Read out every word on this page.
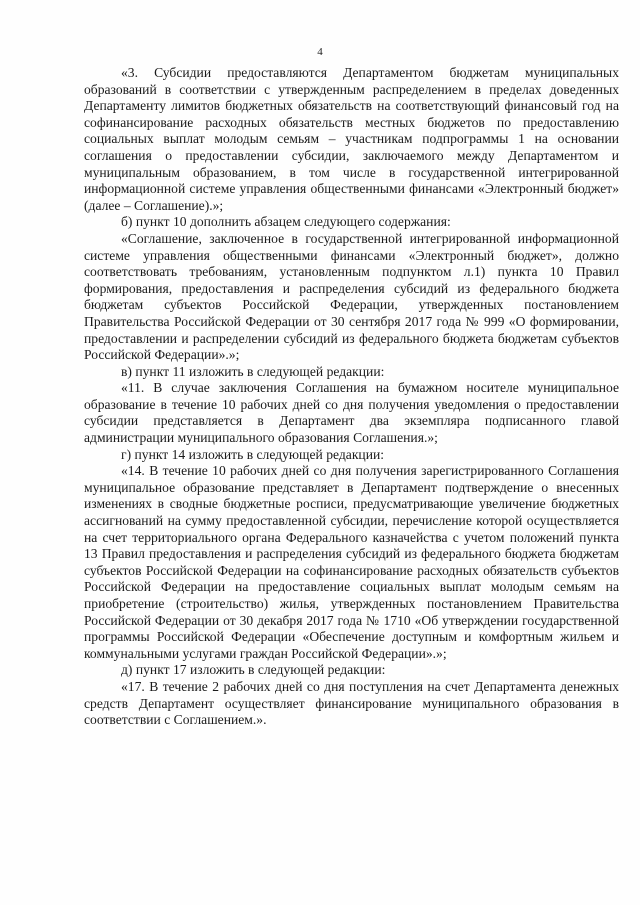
4

«3. Субсидии предоставляются Департаментом бюджетам муниципальных образований в соответствии с утвержденным распределением в пределах доведенных Департаменту лимитов бюджетных обязательств на соответствующий финансовый год на софинансирование расходных обязательств местных бюджетов по предоставлению социальных выплат молодым семьям – участникам подпрограммы 1 на основании соглашения о предоставлении субсидии, заключаемого между Департаментом и муниципальным образованием, в том числе в государственной интегрированной информационной системе управления общественными финансами «Электронный бюджет» (далее – Соглашение).»;

б) пункт 10 дополнить абзацем следующего содержания:

«Соглашение, заключенное в государственной интегрированной информационной системе управления общественными финансами «Электронный бюджет», должно соответствовать требованиям, установленным подпунктом л.1) пункта 10 Правил формирования, предоставления и распределения субсидий из федерального бюджета бюджетам субъектов Российской Федерации, утвержденных постановлением Правительства Российской Федерации от 30 сентября 2017 года № 999 «О формировании, предоставлении и распределении субсидий из федерального бюджета бюджетам субъектов Российской Федерации».»;

в) пункт 11 изложить в следующей редакции:

«11. В случае заключения Соглашения на бумажном носителе муниципальное образование в течение 10 рабочих дней со дня получения уведомления о предоставлении субсидии представляется в Департамент два экземпляра подписанного главой администрации муниципального образования Соглашения.»;

г) пункт 14 изложить в следующей редакции:

«14. В течение 10 рабочих дней со дня получения зарегистрированного Соглашения муниципальное образование представляет в Департамент подтверждение о внесенных изменениях в сводные бюджетные росписи, предусматривающие увеличение бюджетных ассигнований на сумму предоставленной субсидии, перечисление которой осуществляется на счет территориального органа Федерального казначейства с учетом положений пункта 13 Правил предоставления и распределения субсидий из федерального бюджета бюджетам субъектов Российской Федерации на софинансирование расходных обязательств субъектов Российской Федерации на предоставление социальных выплат молодым семьям на приобретение (строительство) жилья, утвержденных постановлением Правительства Российской Федерации от 30 декабря 2017 года № 1710 «Об утверждении государственной программы Российской Федерации «Обеспечение доступным и комфортным жильем и коммунальными услугами граждан Российской Федерации».»;

д) пункт 17 изложить в следующей редакции:

«17. В течение 2 рабочих дней со дня поступления на счет Департамента денежных средств Департамент осуществляет финансирование муниципального образования в соответствии с Соглашением.».
